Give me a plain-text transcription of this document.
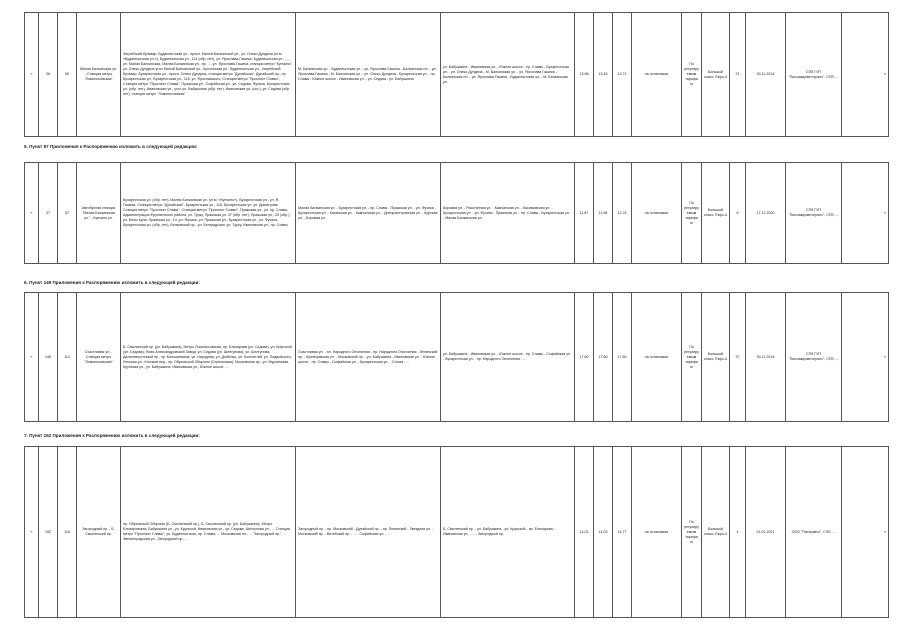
«	36	56	Малая Балканская ул. - Станция метро "Ломоносовская"	Загребский бульвар, Будапештская ул., просп. Малой Балканской ул., ул. Олеко Дундича (ст.м. «Будапештская ул.»), Будапештская ул., 114 (обр. нет), ул. Ярослава Гашека, Будапештская ул., ..., ул. Малая Балканская, Малая Балканская ул., пр. ..., ул. Ярослава Гашека, станция метро "Купчино", ул. Олеко Дундича угол Малой Балканской ул., Купчинская ул., Будапештская ул., Загребский бульвар, Бухарестская ул., просп. Олеко Дундича, станция метро "Дунайская", Дунайский пр., пр. Бухарестская ул., Бухарестская ул., 118, ул. Ярославского, Станция метро "Проспект Славы", Станция метро "Проспект Славы", Пражская ул., Софийская ул., ул. Седова, Фучика, Бухарестская ул. (обр. нет), Ивановская ул., угол ул. Бабушкина (обр. нет), Ивановская ул. (ост.), ул. Седова (обр. нет), станция метро "Ломоносовская"	М. Балканская ул. - Будапештская ул. - ул. Ярослава Гашека - Балканская пл. - ул. Ярослава Гашека - М. Балканская ул. - ул. Олеко Дундича - Бухарестская ул. - пр. Славы - Южное шоссе - Ивановская ул. - ул. Седова - ул. Бабушкина	ул. Бабушкина - Ивановская ул. - Южное шоссе - пр. Славы - Бухарестская ул. - ул. Олеко Дундича - М. Балканская ул. - ул. Ярослава Гашека - Балканская пл. - ул. Ярослава Гашека - Будапештская ул. - М. Балканская ул.	13,08	13,45	13,71	на остановках	По регулируемым тарифам	Большой класс, Евро-4	21	30.11.2014	СПб ГУП "Пассажиравтотранс", СПб, ...	»
5. Пункт 87 Приложения к Распоряжению изложить в следующей редакции:
«	37	57	Автобусная станция "Малая Балканская ул." - Купчино ул.	Бухарестская ул. (обр. нет), Малая Балканская ул. (ст.м. «Купчино»), Бухарестская ул., ул. Я. Гашека, Станция метро "Дунайская", Бухарестская ул., 118, Бухарестская ул. ул. Димитрова, Станция метро "Проспект Славы", Станция метро "Проспект Славы", Пражская ул., ул. пр. Славы, Администрация Фрунзенского района, ул. Турку, Пражская ул. 37 (обр. нет), Пражская ул., 25 (обр.), ул. Белы Куна, Пражская ул., 14, ул. Фучика, ул. Пражская ул., Бухарестская ул., ул. Фучика, Бухарестская ул. (обр. нет), Волковский пр., ул. Белградская, ул. Турку, Ивановская ул., пр. Славы	Малая Балканская ул. - Бухарестская ул. - пр. Славы - Пражская ул. - ул. Фучика - Бухарестская ул. - Казанская ул. - Камчатская ул. - Днепропетровская ул. - Курская ул. - Боровая ул.	Боровая ул. - Расстанная ул. - Камчатская ул. - Касимовская ул. - Бухарестская ул. - ул. Фучика - Пражская ул. - пр. Славы - Бухарестская ул. - Малая Балканская ул.	11,87	11,98	12,76	на остановках	По регулируемым тарифам	Большой класс, Евро-4	6	17.12.2020	СПб ГУП "Пассажиравтотранс", СПб, ...	»
6. Пункт 149 Приложения к Распоряжению изложить в следующей редакции:
«	148	114	Счастливая ул. - Станция метро "Ломоносовская"	Б. Смоленский пр. (ул. Бабушкина), Метро Ломоносовская, пр. Елизарова (ул. Седова), ул. Крупской (ул. Седова), Ново-Александровский Завод, ул. Седова (ул. Шелгунова), ул. Шелгунова, Дальневосточный пр., пр. Большевиков, ул. Народная, ул. Дыбенко, ул. Коллонтай, ул. Подвойского, Ленская ул., Клочков пер., пр. Обуховской Обороны (Стрелковая), Московская пр., ул. Мурзинская, Крупская ул., ул. Бабушкина, Ивановская ул., Южное шоссе, ...	Счастливая ул. - пл. Народного Ополчения - пр. Народного Ополчения - Ленинский пр. - Кузнецовская ул. - Московский пр. - ул. Бабушкина - Ивановская ул. - Южное шоссе - пр. Славы - Софийская ул. - Бухарестская ул. - Стачек - ...	ул. Бабушкина - Ивановская ул. - Южное шоссе - пр. Славы - Софийская ул. - Бухарестская ул. - пр. Народного Ополчения - ...	17,60	17,60	17,60	на остановках	По регулируемым тарифам	Большой класс, Евро-4	37	30.11.2014	СПб ГУП "Пассажиравтотранс", СПб, ...	»
7. Пункт 152 Приложения к Распоряжению изложить в следующей редакции:
«	152	116	Загородный пр. - Б. Смоленский пр.	пр. Обуховской Обороны (Б. Смоленский пр.), Б. Смоленский пр. (ул. Бабушкина), Метро Елизаровская, Бабушкина ул., ул. Крупской, Ивановская ул., ул. Седова, Шелгунова ул., ... Станция метро "Проспект Славы", ул. Будапештская, пр. Славы, ... Московская пл., ... "Загородный пр.", ... Звенигородская ул., Загородный пр., ...	Загородный пр. - пр. Московский - Дунайский пр. - пр. Ленинский - Звездная ул. - Московский пр. - Витебский пр. - ... - Софийская ул. - ...	Б. Смоленский пр. - ул. Бабушкина - ул. Крупской - пр. Елизарова - Ивановская ул. - ... - Загородный пр.	14,01	14,03	14,77	на остановках	По регулируемым тарифам	Большой класс, Евро-4	4	01.01.2021	ООО "Питеравто", СПб, ...	»
